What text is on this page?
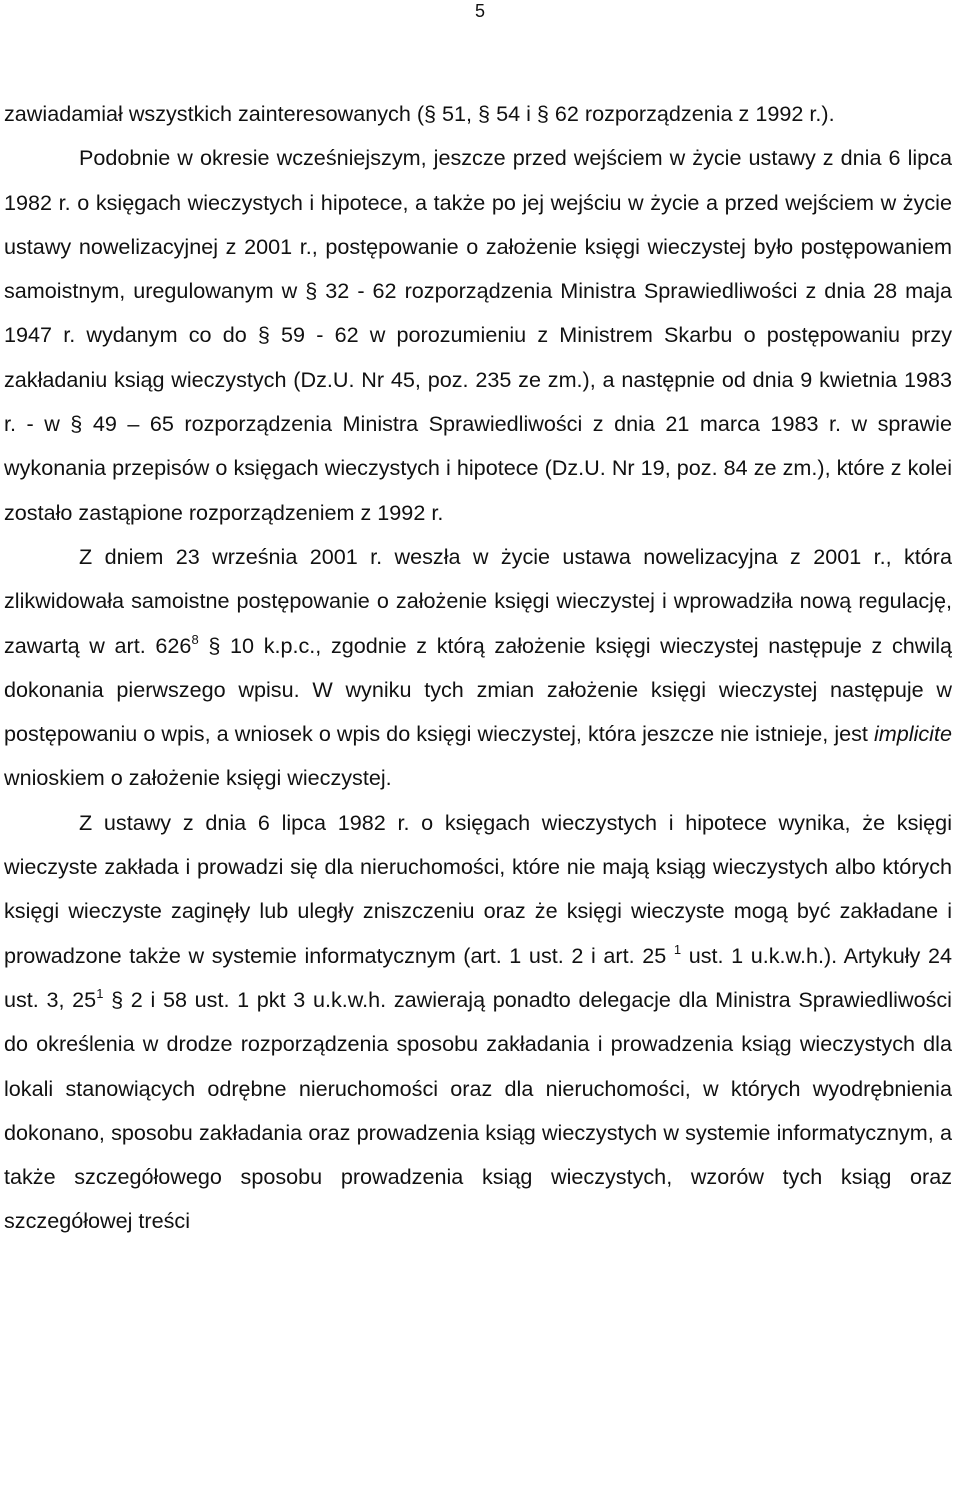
5

zawiadamiał wszystkich zainteresowanych (§ 51, § 54 i § 62 rozporządzenia z 1992 r.).

Podobnie w okresie wcześniejszym, jeszcze przed wejściem w życie ustawy z dnia 6 lipca 1982 r. o księgach wieczystych i hipotece, a także po jej wejściu w życie a przed wejściem w życie ustawy nowelizacyjnej z 2001 r., postępowanie o założenie księgi wieczystej było postępowaniem samoistnym, uregulowanym w § 32 - 62 rozporządzenia Ministra Sprawiedliwości z dnia 28 maja 1947 r. wydanym co do § 59 - 62 w porozumieniu z Ministrem Skarbu o postępowaniu przy zakładaniu ksiąg wieczystych (Dz.U. Nr 45, poz. 235 ze zm.), a następnie od dnia 9 kwietnia 1983 r. - w § 49 – 65 rozporządzenia Ministra Sprawiedliwości z dnia 21 marca 1983 r. w sprawie wykonania przepisów o księgach wieczystych i hipotece (Dz.U. Nr 19, poz. 84 ze zm.), które z kolei zostało zastąpione rozporządzeniem z 1992 r.

Z dniem 23 września 2001 r. weszła w życie ustawa nowelizacyjna z 2001 r., która zlikwidowała samoistne postępowanie o założenie księgi wieczystej i wprowadziła nową regulację, zawartą w art. $626^8$ § 10 k.p.c., zgodnie z którą założenie księgi wieczystej następuje z chwilą dokonania pierwszego wpisu. W wyniku tych zmian założenie księgi wieczystej następuje w postępowaniu o wpis, a wniosek o wpis do księgi wieczystej, która jeszcze nie istnieje, jest implicite wnioskiem o założenie księgi wieczystej.

Z ustawy z dnia 6 lipca 1982 r. o księgach wieczystych i hipotece wynika, że księgi wieczyste zakłada i prowadzi się dla nieruchomości, które nie mają ksiąg wieczystych albo których księgi wieczyste zaginęły lub uległy zniszczeniu oraz że księgi wieczyste mogą być zakładane i prowadzone także w systemie informatycznym (art. 1 ust. 2 i art. 25 $^1$ ust. 1 u.k.w.h.). Artykuły 24 ust. 3, $25^1$ § 2 i 58 ust. 1 pkt 3 u.k.w.h. zawierają ponadto delegacje dla Ministra Sprawiedliwości do określenia w drodze rozporządzenia sposobu zakładania i prowadzenia ksiąg wieczystych dla lokali stanowiących odrębne nieruchomości oraz dla nieruchomości, w których wyodrębnienia dokonano, sposobu zakładania oraz prowadzenia ksiąg wieczystych w systemie informatycznym, a także szczegółowego sposobu prowadzenia ksiąg wieczystych, wzorów tych ksiąg oraz szczegółowej treści
